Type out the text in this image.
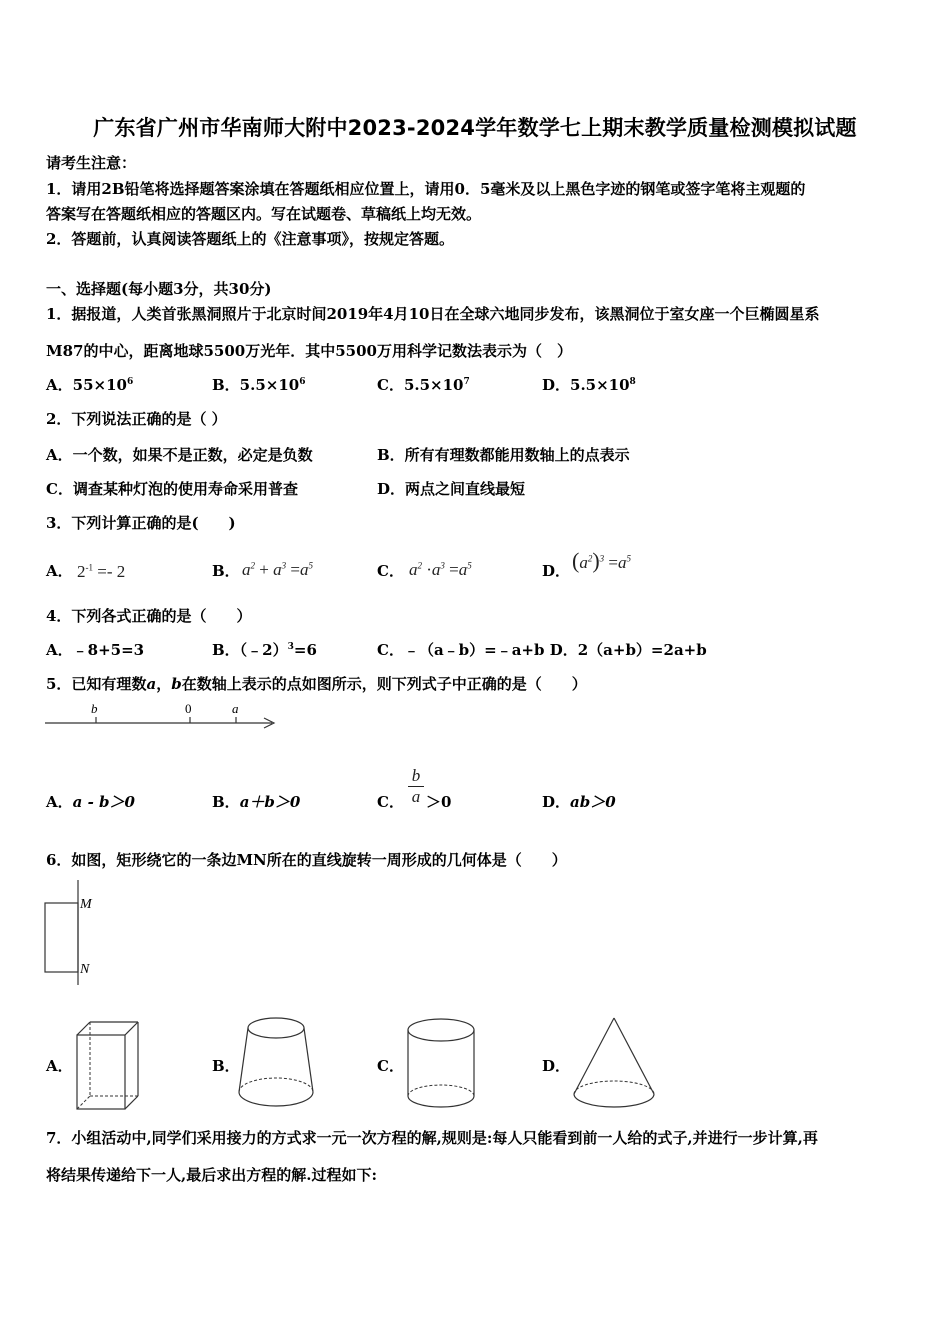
广东省广州市华南师大附中2023-2024学年数学七上期末教学质量检测模拟试题
请考生注意：
1．请用2B铅笔将选择题答案涂填在答题纸相应位置上，请用0．5毫米及以上黑色字迹的钢笔或签字笔将主观题的
答案写在答题纸相应的答题区内。写在试题卷、草稿纸上均无效。
2．答题前，认真阅读答题纸上的《注意事项》，按规定答题。
一、选择题(每小题3分，共30分)
1．据报道，人类首张黑洞照片于北京时间2019年4月10日在全球六地同步发布，该黑洞位于室女座一个巨椭圆星系
M87的中心，距离地球5500万光年．其中5500万用科学记数法表示为（　）
A．$55\times 10^6$	B．$5.5\times 10^6$	C．$5.5\times 10^7$	D．$5.5\times 10^8$
2．下列说法正确的是（ ）
A．一个数，如果不是正数，必定是负数	B．所有有理数都能用数轴上的点表示
C．调查某种灯泡的使用寿命采用普查	D．两点之间直线最短
3．下列计算正确的是(　　)
A． $2^{-1} =- 2$	B． $a^2 + a^3 =a^5$	C． $a^2 \cdot a^3 =a^5$	D． $(a^2)^3 =a^5$
4．下列各式正确的是（　　）
A．﹣8+5=3	B．（﹣2）$^3$=6	C．﹣（a﹣b）=﹣a+b D．2（a+b）=2a+b
5．已知有理数a，b在数轴上表示的点如图所示，则下列式子中正确的是（　　）
b	0	a
A．a - b＞0	B．a＋b＞0	C．
b
a ＞0	D．ab＞0
6．如图，矩形绕它的一条边MN所在的直线旋转一周形成的几何体是（　　）
M
N
A．	B．	C．	D．
7．小组活动中,同学们采用接力的方式求一元一次方程的解,规则是:每人只能看到前一人给的式子,并进行一步计算,再
将结果传递给下一人,最后求出方程的解.过程如下:
